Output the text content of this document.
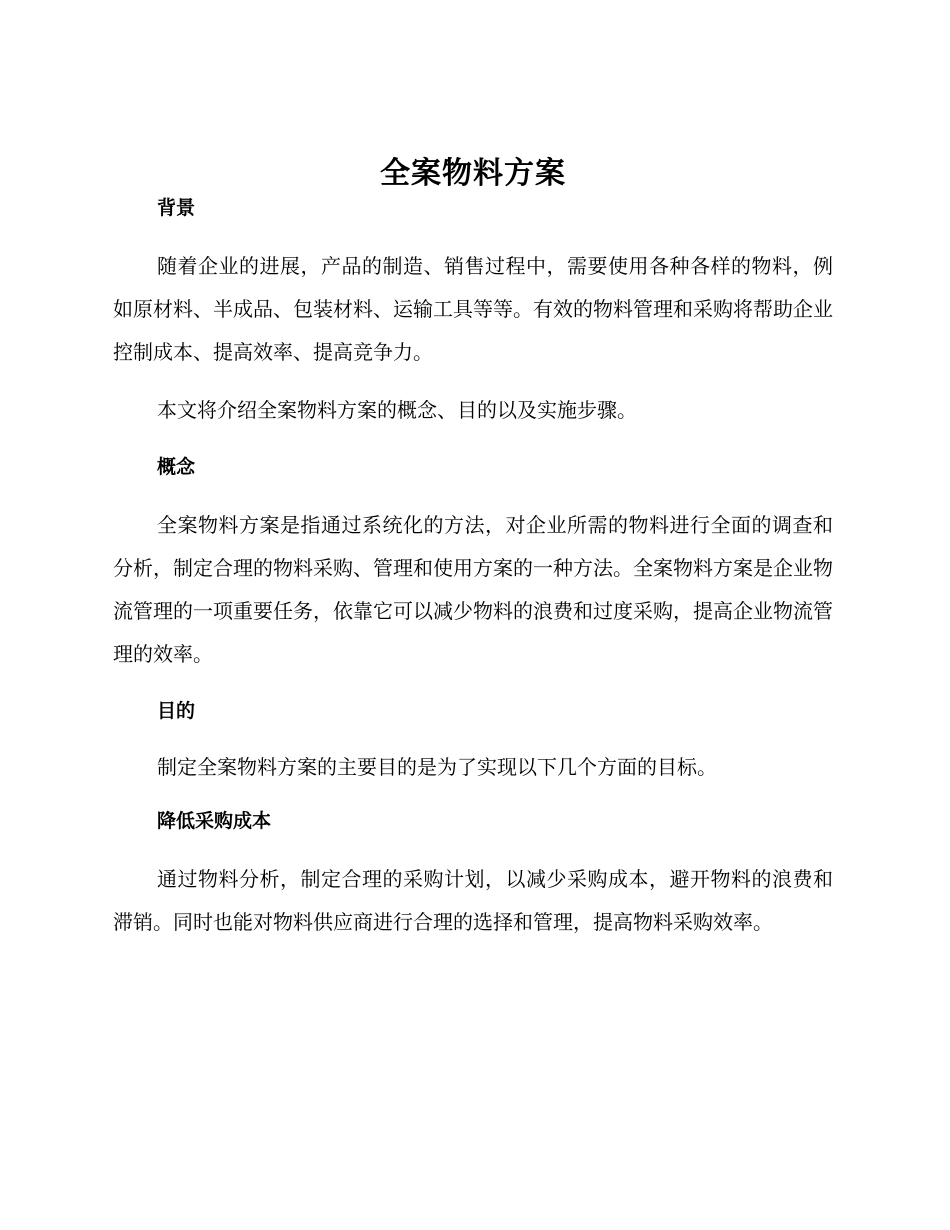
全案物料方案
背景

随着企业的进展，产品的制造、销售过程中，需要使用各种各样的物料，例如原材料、半成品、包装材料、运输工具等等。有效的物料管理和采购将帮助企业控制成本、提高效率、提高竞争力。

本文将介绍全案物料方案的概念、目的以及实施步骤。

概念

全案物料方案是指通过系统化的方法，对企业所需的物料进行全面的调查和分析，制定合理的物料采购、管理和使用方案的一种方法。全案物料方案是企业物流管理的一项重要任务，依靠它可以减少物料的浪费和过度采购，提高企业物流管理的效率。

目的

制定全案物料方案的主要目的是为了实现以下几个方面的目标。

降低采购成本

通过物料分析，制定合理的采购计划，以减少采购成本，避开物料的浪费和滞销。同时也能对物料供应商进行合理的选择和管理，提高物料采购效率。
